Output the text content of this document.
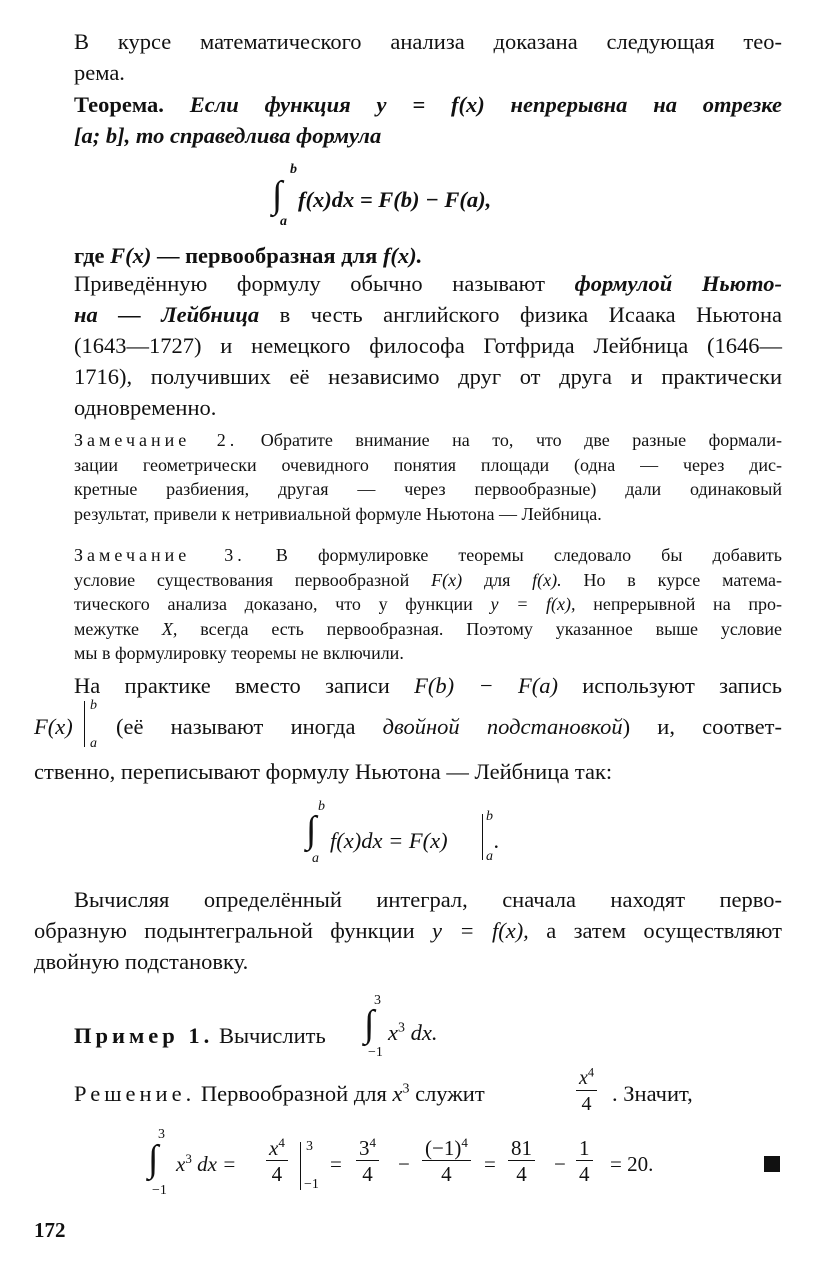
В курсе математического анализа доказана следующая тео-
рема.
Теорема. Если функция y = f(x) непрерывна на отрезке
[a; b], то справедлива формула
b
∫
a
f(x)dx = F(b) − F(a),
где F(x) — первообразная для f(x).
Приведённую формулу обычно называют формулой Ньюто-
на — Лейбница в честь английского физика Исаака Ньютона
(1643—1727) и немецкого философа Готфрида Лейбница (1646—
1716), получивших её независимо друг от друга и практически
одновременно.
Замечание 2. Обратите внимание на то, что две разные формали-
зации геометрически очевидного понятия площади (одна — через дис-
кретные разбиения, другая — через первообразные) дали одинаковый
результат, привели к нетривиальной формуле Ньютона — Лейбница.
Замечание 3. В формулировке теоремы следовало бы добавить
условие существования первообразной F(x) для f(x). Но в курсе матема-
тического анализа доказано, что у функции y = f(x), непрерывной на про-
межутке X, всегда есть первообразная. Поэтому указанное выше условие
мы в формулировку теоремы не включили.
На практике вместо записи F(b) − F(a) используют запись
F(x)
b
a
(её называют иногда двойной подстановкой) и, соответ-
ственно, переписывают формулу Ньютона — Лейбница так:
b
∫
a
f(x)dx = F(x)
b
a
.
Вычисляя определённый интеграл, сначала находят перво-
образную подынтегральной функции y = f(x), а затем осуществляют
двойную подстановку.
Пример 1. Вычислить
3
∫
−1
$x^3$ dx.
Решение. Первообразной для $x^3$ служит	$\frac{x^4}{4}$ . Значит,
3
∫
−1
$x^3$ dx = $\frac{x^4}{4} 3$
−1
= $\frac{3^4}{4} - \frac{(-1)^4}{4} = \frac{81}{4} - \frac{1}{4} = 20$.
172
